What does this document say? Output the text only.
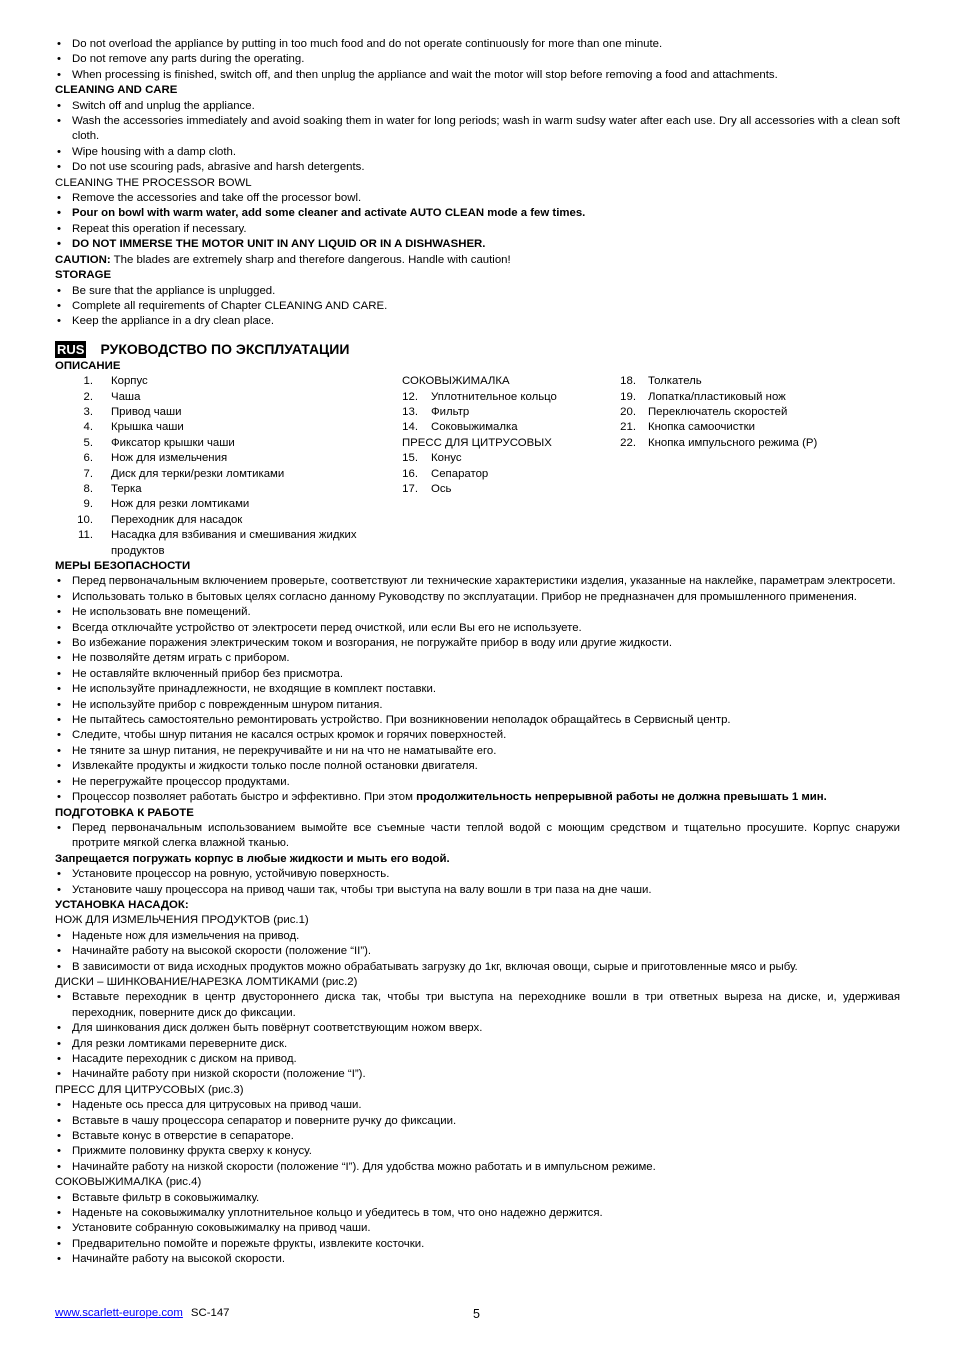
• Do not overload the appliance by putting in too much food and do not operate continuously for more than one minute.
• Do not remove any parts during the operating.
• When processing is finished, switch off, and then unplug the appliance and wait the motor will stop before removing a food and attachments.
CLEANING AND CARE
• Switch off and unplug the appliance.
• Wash the accessories immediately and avoid soaking them in water for long periods; wash in warm sudsy water after each use. Dry all accessories with a clean soft cloth.
• Wipe housing with a damp cloth.
• Do not use scouring pads, abrasive and harsh detergents.
CLEANING THE PROCESSOR BOWL
• Remove the accessories and take off the processor bowl.
• Pour on bowl with warm water, add some cleaner and activate AUTO CLEAN mode a few times.
• Repeat this operation if necessary.
• DO NOT IMMERSE THE MOTOR UNIT IN ANY LIQUID OR IN A DISHWASHER.
CAUTION: The blades are extremely sharp and therefore dangerous. Handle with caution!
STORAGE
• Be sure that the appliance is unplugged.
• Complete all requirements of Chapter CLEANING AND CARE.
• Keep the appliance in a dry clean place.
RUS РУКОВОДСТВО ПО ЭКСПЛУАТАЦИИ
ОПИСАНИЕ
1.	Корпус
2.	Чаша
3.	Привод чаши
4.	Крышка чаши
5.	Фиксатор крышки чаши
6.	Нож для измельчения
7.	Диск для терки/резки ломтиками
8.	Терка
9.	Нож для резки ломтиками
10.	Переходник для насадок
11.	Насадка для взбивания и смешивания жидких продуктов
СОКОВЫЖИМАЛКА
12.	Уплотнительное кольцо
13.	Фильтр
14.	Соковыжималка
ПРЕСС ДЛЯ ЦИТРУСОВЫХ
15.	Конус
16.	Сепаратор
17.	Ось
18.	Толкатель
19.	Лопатка/пластиковый нож
20.	Переключатель скоростей
21.	Кнопка самоочистки
22.	Кнопка импульсного режима (Р)
МЕРЫ БЕЗОПАСНОСТИ
• Перед первоначальным включением проверьте, соответствуют ли технические характеристики изделия, указанные на наклейке, параметрам электросети.
• Использовать только в бытовых целях согласно данному Руководству по эксплуатации. Прибор не предназначен для промышленного применения.
• Не использовать вне помещений.
• Всегда отключайте устройство от электросети перед очисткой, или если Вы его не используете.
• Во избежание поражения электрическим током и возгорания, не погружайте прибор в воду или другие жидкости.
• Не позволяйте детям играть с прибором.
• Не оставляйте включенный прибор без присмотра.
• Не используйте принадлежности, не входящие в комплект поставки.
• Не используйте прибор с поврежденным шнуром питания.
• Не пытайтесь самостоятельно ремонтировать устройство. При возникновении неполадок обращайтесь в Сервисный центр.
• Следите, чтобы шнур питания не касался острых кромок и горячих поверхностей.
• Не тяните за шнур питания, не перекручивайте и ни на что не наматывайте его.
• Извлекайте продукты и жидкости только после полной остановки двигателя.
• Не перегружайте процессор продуктами.
• Процессор позволяет работать быстро и эффективно. При этом продолжительность непрерывной работы не должна превышать 1 мин.
ПОДГОТОВКА К РАБОТЕ
• Перед первоначальным использованием вымойте все съемные части теплой водой с моющим средством и тщательно просушите. Корпус снаружи протрите мягкой слегка влажной тканью.
Запрещается погружать корпус в любые жидкости и мыть его водой.
• Установите процессор на ровную, устойчивую поверхность.
• Установите чашу процессора на привод чаши так, чтобы три выступа на валу вошли в три паза на дне чаши.
УСТАНОВКА НАСАДОК:
НОЖ ДЛЯ ИЗМЕЛЬЧЕНИЯ ПРОДУКТОВ (рис.1)
• Наденьте нож для измельчения на привод.
• Начинайте работу на высокой скорости (положение “II”).
• В зависимости от вида исходных продуктов можно обрабатывать загрузку до 1кг, включая овощи, сырые и приготовленные мясо и рыбу.
ДИСКИ – ШИНКОВАНИЕ/НАРЕЗКА ЛОМТИКАМИ (рис.2)
• Вставьте переходник в центр двустороннего диска так, чтобы три выступа на переходнике вошли в три ответных выреза на диске, и, удерживая переходник, поверните диск до фиксации.
• Для шинкования диск должен быть повёрнут соответствующим ножом вверх.
• Для резки ломтиками переверните диск.
• Насадите переходник с диском на привод.
• Начинайте работу при низкой скорости (положение “I”).
ПРЕСС ДЛЯ ЦИТРУСОВЫХ (рис.3)
• Наденьте ось пресса для цитрусовых на привод чаши.
• Вставьте в чашу процессора сепаратор и поверните ручку до фиксации.
• Вставьте конус в отверстие в сепараторе.
• Прижмите половинку фрукта сверху к конусу.
• Начинайте работу на низкой скорости (положение “I”). Для удобства можно работать и в импульсном режиме.
СОКОВЫЖИМАЛКА (рис.4)
• Вставьте фильтр в соковыжималку.
• Наденьте на соковыжималку уплотнительное кольцо и убедитесь в том, что оно надежно держится.
• Установите собранную соковыжималку на привод чаши.
• Предварительно помойте и порежьте фрукты, извлеките косточки.
• Начинайте работу на высокой скорости.
www.scarlett-europe.com SC-147	5
